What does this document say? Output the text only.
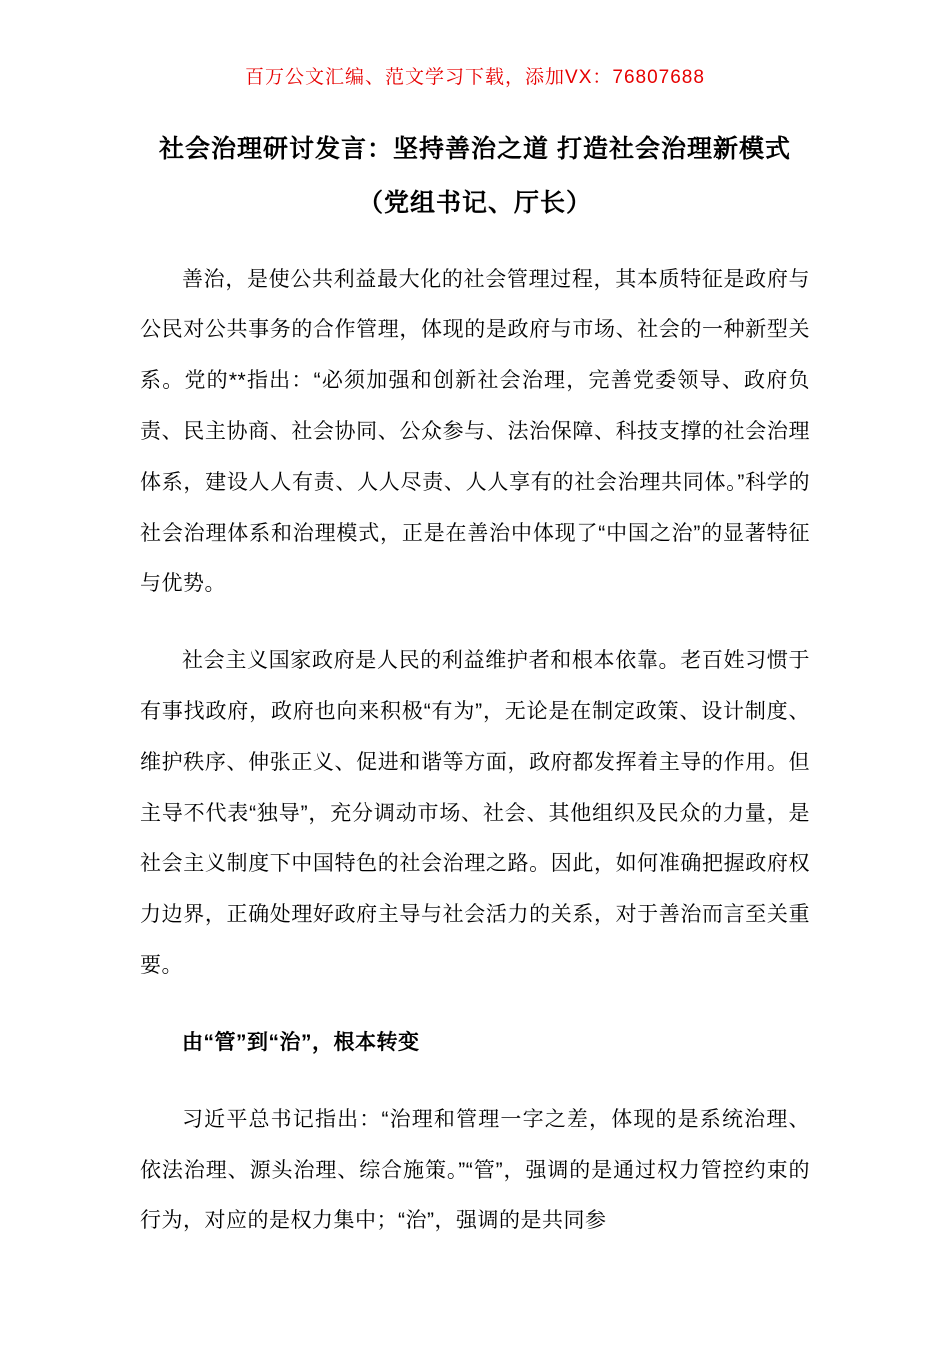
百万公文汇编、范文学习下载，添加VX：76807688
社会治理研讨发言：坚持善治之道 打造社会治理新模式
（党组书记、厅长）

善治，是使公共利益最大化的社会管理过程，其本质特征是政府与公民对公共事务的合作管理，体现的是政府与市场、社会的一种新型关系。党的**指出：“必须加强和创新社会治理，完善党委领导、政府负责、民主协商、社会协同、公众参与、法治保障、科技支撑的社会治理体系，建设人人有责、人人尽责、人人享有的社会治理共同体。”科学的社会治理体系和治理模式，正是在善治中体现了“中国之治”的显著特征与优势。

社会主义国家政府是人民的利益维护者和根本依靠。老百姓习惯于有事找政府，政府也向来积极“有为”，无论是在制定政策、设计制度、维护秩序、伸张正义、促进和谐等方面，政府都发挥着主导的作用。但主导不代表“独导”，充分调动市场、社会、其他组织及民众的力量，是社会主义制度下中国特色的社会治理之路。因此，如何准确把握政府权力边界，正确处理好政府主导与社会活力的关系，对于善治而言至关重要。

由“管”到“治”，根本转变

习近平总书记指出：“治理和管理一字之差，体现的是系统治理、依法治理、源头治理、综合施策。”“管”，强调的是通过权力管控约束的行为，对应的是权力集中；“治”，强调的是共同参
